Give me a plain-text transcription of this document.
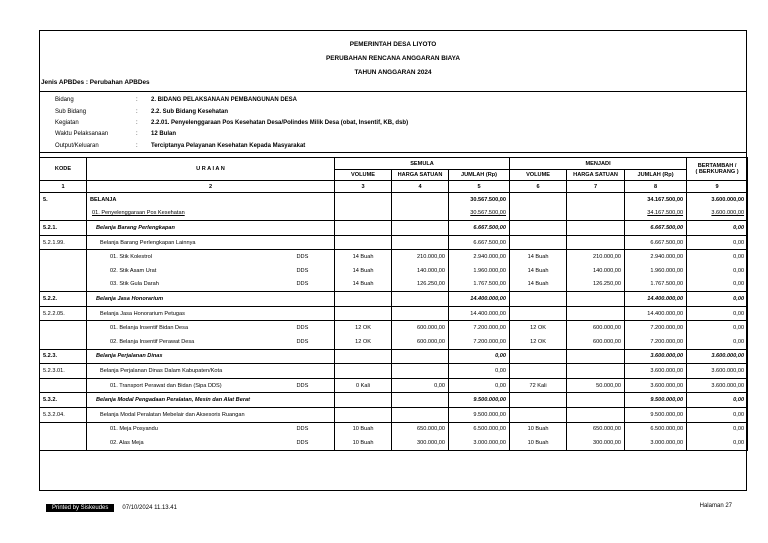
PEMERINTAH DESA LIYOTO
PERUBAHAN RENCANA ANGGARAN BIAYA
TAHUN ANGGARAN 2024
Jenis APBDes : Perubahan APBDes
Bidang	: 2. BIDANG PELAKSANAAN PEMBANGUNAN DESA
Sub Bidang	: 2.2. Sub Bidang Kesehatan
Kegiatan	: 2.2.01. Penyelenggaraan Pos Kesehatan Desa/Polindes Milik Desa (obat, Insentif, KB, dsb)
Waktu Pelaksanaan	: 12 Bulan
Output/Keluaran	: Terciptanya Pelayanan Kesehatan Kepada Masyarakat
KODE	U R A I A N		SEMULA			MENJADI			BERTAMBAH /
( BERKURANG )
			VOLUME	HARGA SATUAN	JUMLAH (Rp)	VOLUME	HARGA SATUAN	JUMLAH (Rp)	
1	2		3	4	5	6	7	8	9
5.	BELANJA				30.567.500,00			34.167.500,00	3.600.000,00
	01. Penyelenggaraan Pos Kesehatan				30.567.500,00			34.167.500,00	3.600.000,00
5.2.1.	Belanja Barang Perlengkapan				6.667.500,00			6.667.500,00	0,00
5.2.1.99.	Belanja Barang Perlengkapan Lainnya				6.667.500,00			6.667.500,00	0,00
	01. Stik Kolestrol	DDS	14 Buah	210.000,00	2.940.000,00	14 Buah	210.000,00	2.940.000,00	0,00
	02. Stik Asam Urat	DDS	14 Buah	140.000,00	1.960.000,00	14 Buah	140.000,00	1.960.000,00	0,00
	03. Stik Gula Darah	DDS	14 Buah	126.250,00	1.767.500,00	14 Buah	126.250,00	1.767.500,00	0,00
5.2.2.	Belanja Jasa Honorarium				14.400.000,00			14.400.000,00	0,00
5.2.2.05.	Belanja Jasa Honorarium Petugas				14.400.000,00			14.400.000,00	0,00
	01. Belanja Insentif Bidan Desa	DDS	12 OK	600.000,00	7.200.000,00	12 OK	600.000,00	7.200.000,00	0,00
	02. Belanja Insentif Perawat Desa	DDS	12 OK	600.000,00	7.200.000,00	12 OK	600.000,00	7.200.000,00	0,00
5.2.3.	Belanja Perjalanan Dinas				0,00			3.600.000,00	3.600.000,00
5.2.3.01.	Belanja Perjalanan Dinas Dalam Kabupaten/Kota				0,00			3.600.000,00	3.600.000,00
	01. Transport Perawat dan Bidan (Sipa DDS)	DDS	0 Kali	0,00	0,00	72 Kali	50.000,00	3.600.000,00	3.600.000,00
5.3.2.	Belanja Modal Pengadaan Peralatan, Mesin dan Alat Berat				9.500.000,00			9.500.000,00	0,00
5.3.2.04.	Belanja Modal Peralatan Mebelair dan Aksesoris Ruangan				9.500.000,00			9.500.000,00	0,00
	01. Meja Posyandu	DDS	10 Buah	650.000,00	6.500.000,00	10 Buah	650.000,00	6.500.000,00	0,00
	02. Alas Meja	DDS	10 Buah	300.000,00	3.000.000,00	10 Buah	300.000,00	3.000.000,00	0,00
Printed by Siskeudes 07/10/2024 11.13.41	Halaman 27
